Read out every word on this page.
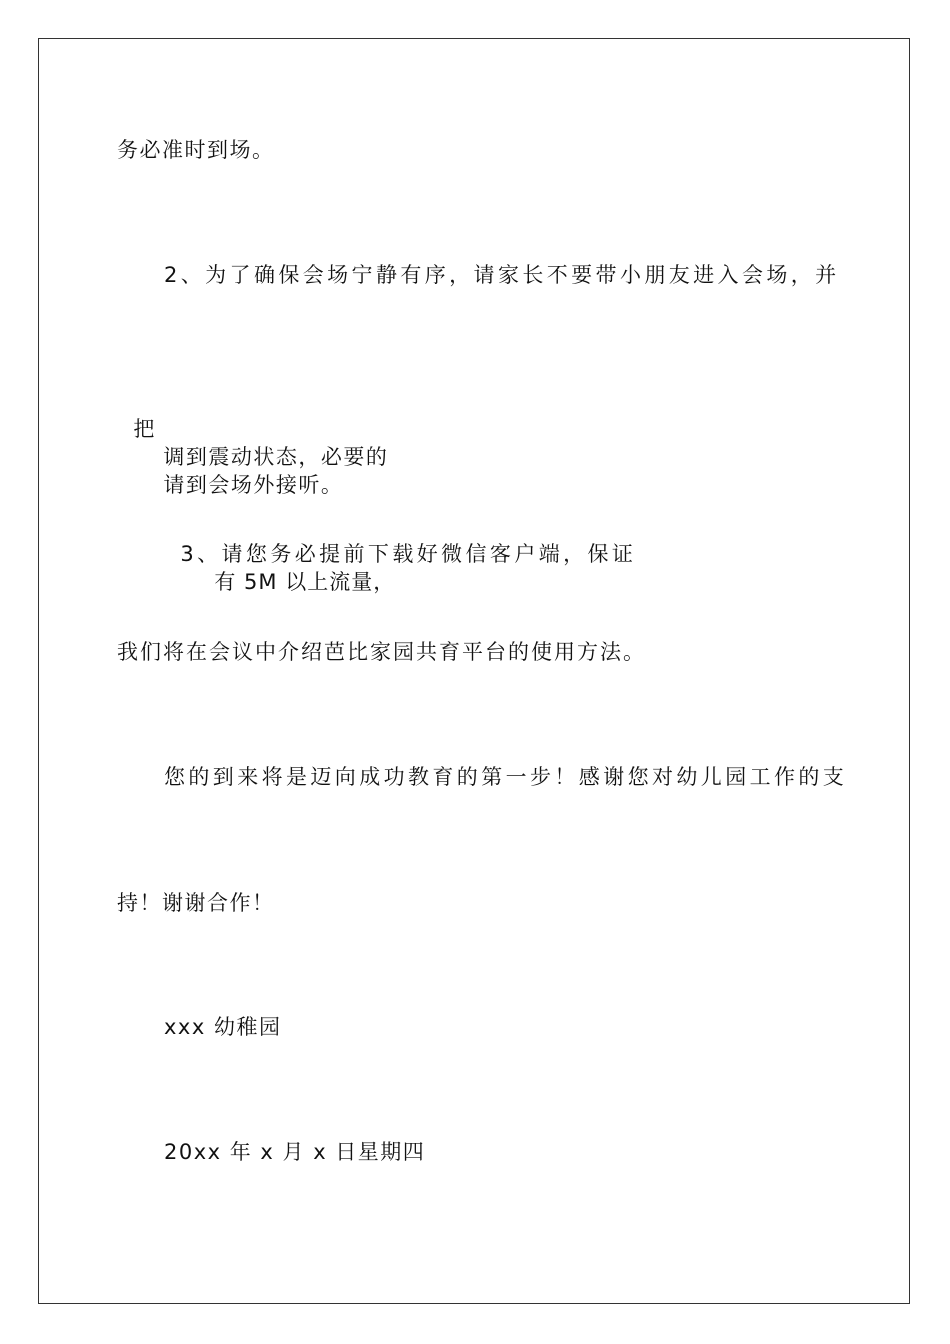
务必准时到场。
2、为了确保会场宁静有序，请家长不要带小朋友进入会场，并

把
调到震动状态，必要的
请到会场外接听。

3、请您务必提前下载好微信客户端，保证
有 5M 以上流量，

我们将在会议中介绍芭比家园共育平台的使用方法。
您的到来将是迈向成功教育的第一步！感谢您对幼儿园工作的支
持！谢谢合作！
xxx 幼稚园
20xx 年 x 月 x 日星期四
